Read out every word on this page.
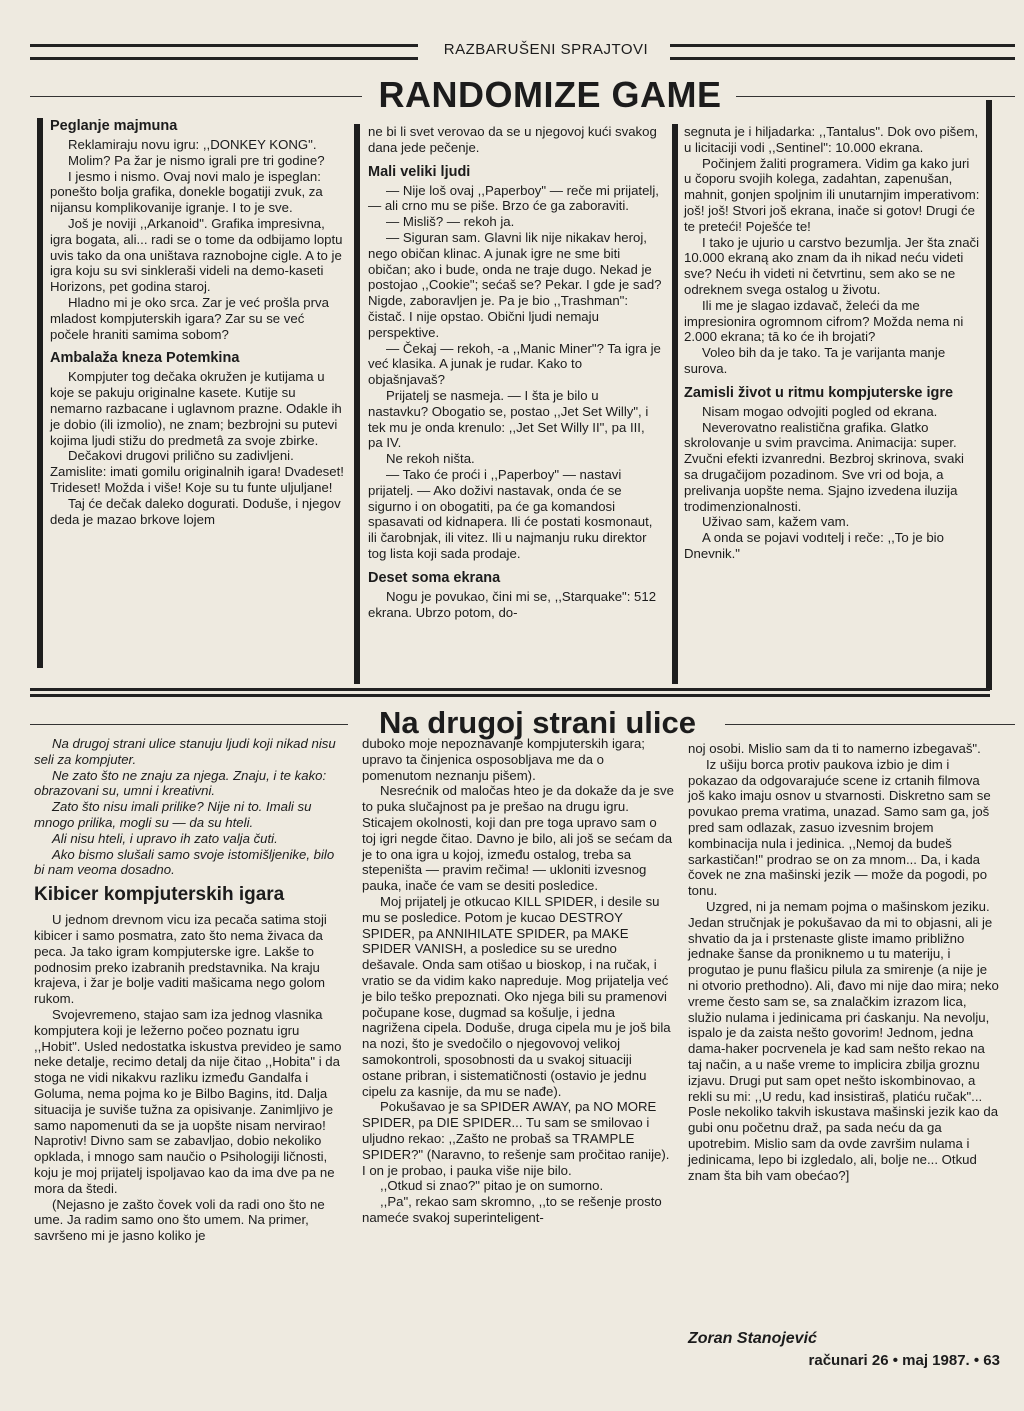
RAZBARUŠENI SPRAJTOVI
RANDOMIZE GAME
Peglanje majmuna

Reklamiraju novu igru: ,,DONKEY KONG".

Molim? Pa žar je nismo igrali pre tri godine?

I jesmo i nismo. Ovaj novi malo je ispeglan: ponešto bolja grafika, donekle bogatiji zvuk, za nijansu komplikovanije igranje. I to je sve.

Još je noviji ,,Arkanoid". Grafika impresivna, igra bogata, ali... radi se o tome da odbijamo loptu uvis tako da ona uništava raznobojne cigle. A to je igra koju su svi sinkleraši videli na demo-kaseti Horizons, pet godina staroj.

Hladno mi je oko srca. Zar je već prošla prva mladost kompjuterskih igara? Zar su se već počele hraniti samima sobom?

Ambalaža kneza Potemkina

Kompjuter tog dečaka okružen je kutijama u koje se pakuju originalne kasete. Kutije su nemarno razbacane i uglavnom prazne. Odakle ih je dobio (ili izmolio), ne znam; bezbrojni su putevi kojima ljudi stižu do predmetâ za svoje zbirke.

Dečakovi drugovi prilično su zadivljeni. Zamislite: imati gomilu originalnih igara! Dvadeset! Trideset! Možda i više! Koje su tu funte ulјuljane!

Taj će dečak daleko dogurati. Doduše, i njegov deda je mazao brkove lojem

ne bi li svet verovao da se u njegovoj kući svakog dana jede pečenje.

Mali veliki ljudi

— Nije loš ovaj ,,Paperboy" — reče mi prijatelj, — ali crno mu se piše. Brzo će ga zaboraviti.

— Misliš? — rekoh ja.

— Siguran sam. Glavni lik nije nikakav heroj, nego običan klinac. A junak igre ne sme biti običan; ako i bude, onda ne traje dugo. Nekad je postojao ,,Cookie"; sećaš se? Pekar. I gde je sad? Nigde, zaboravljen je. Pa je bio ,,Trashman": čistač. I nije opstao. Obični ljudi nemaju perspektive.

— Čekaj — rekoh, -a ,,Manic Miner"? Ta igra je već klasika. A junak je rudar. Kako to objašnjavaš?

Prijatelj se nasmeja. — I šta je bilo u nastavku? Obogatio se, postao ,,Jet Set Willy", i tek mu je onda krenulo: ,,Jet Set Willy II", pa III, pa IV.

Ne rekoh ništa.

— Tako će proći i ,,Paperboy" — nastavi prijatelj. — Ako doživi nastavak, onda će se sigurno i on obogatiti, pa će ga komandosi spasavati od kidnapera. Ili će postati kosmonaut, ili čarobnjak, ili vitez. Ili u najmanju ruku direktor tog lista koji sada prodaje.

Deset soma ekrana

Nogu je povukao, čini mi se, ,,Starquake": 512 ekrana. Ubrzo potom, do-

segnuta je i hiljadarka: ,,Tantalus". Dok ovo pišem, u licitaciji vodi ,,Sentinel": 10.000 ekrana.

Počinjem žaliti programera. Vidim ga kako juri u čoporu svojih kolega, zadahtan, zapenušan, mahnit, gonjen spoljnim ili unutarnjim imperativom: još! još! Stvori još ekrana, inače si gotov! Drugi će te preteći! Poješće te!

I tako je ujurio u carstvo bezumlja. Jer šta znači 10.000 ekraną ako znam da ih nikad neću videti sve? Neću ih videti ni četvrtinu, sem ako se ne odreknem svega ostalog u životu.

Ili me je slagao izdavač, želeći da me impresionira ogromnom cifrom? Možda nema ni 2.000 ekrana; tā ko će ih brojati?

Voleo bih da je tako. Ta je varijanta manje surova.

Zamisli život u ritmu kompjuterske igre

Nisam mogao odvojiti pogled od ekrana.

Neverovatno realistična grafika. Glatko skrolovanje u svim pravcima. Animacija: super. Zvučni efekti izvanredni. Bezbroj skrinova, svaki sa drugačijom pozadinom. Sve vri od boja, a prelivanja uopšte nema. Sjajno izvedena iluzija trodimenzionalnosti.

Uživao sam, kažem vam.

A onda se pojavi vodıtelj i reče: ,,To je bio Dnevnik."

Na drugoj strani ulice

Na drugoj strani ulice stanuju ljudi koji nikad nisu seli za kompjuter.

Ne zato što ne znaju za njega. Znaju, i te kako: obrazovani su, umni i kreativni.

Zato što nisu imali prilike? Nije ni to. Imali su mnogo prilika, mogli su — da su hteli.

Ali nisu hteli, i upravo ih zato valja čuti.

Ako bismo slušali samo svoje istomišljenike, bilo bi nam veoma dosadno.

Kibicer kompjuterskih igara

U jednom drevnom vicu iza pecača satima stoji kibicer i samo posmatra, zato što nema živaca da peca. Ja tako igram kompjuterske igre. Lakše to podnosim preko izabranih predstavnika. Na kraju krajeva, i žar je bolje vaditi mašicama nego golom rukom.

Svojevremeno, stajao sam iza jednog vlasnika kompjutera koji je ležerno počeo poznatu igru ,,Hobit". Usled nedostatka iskustva prevideo je samo neke detalje, recimo detalj da nije čitao ,,Hobita" i da stoga ne vidi nikakvu razliku između Gandalfa i Goluma, nema pojma ko je Bilbo Bagins, itd. Dalja situacija je suviše tužna za opisivanje. Zanimljivo je samo napomenuti da se ja uopšte nisam nervirao! Naprotiv! Divno sam se zabavljao, dobio nekoliko opklada, i mnogo sam naučio o Psihologiji ličnosti, koju je moj prijatelj ispoljavao kao da ima dve pa ne mora da štedi.

(Nejasno je zašto čovek voli da radi ono što ne ume. Ja radim samo ono što umem. Na primer, savršeno mi je jasno koliko je

duboko moje nepoznavanje kompjuterskih igara; upravo ta činjenica osposobljava me da o pomenutom neznanju pišem).

Nesrećnik od maločas hteo je da dokaže da je sve to puka slučajnost pa je prešao na drugu igru. Sticajem okolnosti, koji dan pre toga upravo sam o toj igri negde čitao. Davno je bilo, ali još se sećam da je to ona igra u kojoj, između ostalog, treba sa stepeništa — pravim rečima! — ukloniti izvesnog pauka, inače će vam se desiti posledice.

Moj prijatelj je otkucao KILL SPIDER, i desile su mu se posledice. Potom je kucao DESTROY SPIDER, pa ANNIHILATE SPIDER, pa MAKE SPIDER VANISH, a posledice su se uredno dešavale. Onda sam otišao u bioskop, i na ručak, i vratio se da vidim kako napreduje. Mog prijatelja već je bilo teško prepoznati. Oko njega bili su pramenovi počupane kose, dugmad sa košulje, i jedna nagrižena cipela. Doduše, druga cipela mu je još bila na nozi, što je svedočilo o njegovovoj velikoj samokontroli, sposobnosti da u svakoj situaciji ostane pribran, i sistematičnosti (ostavio je jednu cipelu za kasnije, da mu se nađe).

Pokušavao je sa SPIDER AWAY, pa NO MORE SPIDER, pa DIE SPIDER... Tu sam se smilovao i uljudno rekao: ,,Zašto ne probaš sa TRAMPLE SPIDER?" (Naravno, to rešenje sam pročitao ranije). I on je probao, i pauka više nije bilo.

,,Otkud si znao?" pitao je on sumorno.

,,Pa", rekao sam skromno, ,,to se rešenje prosto nameće svakoj superinteligent-

noj osobi. Mislio sam da ti to namerno izbegavaš".

Iz ušiju borca protiv paukova izbio je dim i pokazao da odgovarajuće scene iz crtanih filmova još kako imaju osnov u stvarnosti. Diskretno sam se povukao prema vratima, unazad. Samo sam ga, još pred sam odlazak, zasuo izvesnim brojem kombinacija nula i jedinica. ,,Nemoj da budeš sarkastičan!" prodrao se on za mnom... Da, i kada čovek ne zna mašinski jezik — može da pogodi, po tonu.

Uzgred, ni ja nemam pojma o mašinskom jeziku. Jedan stručnjak je pokušavao da mi to objasni, ali je shvatio da ja i prstenaste gliste imamo približno jednake šanse da proniknemo u tu materiju, i progutao je punu flašicu pilula za smirenje (a nije je ni otvorio prethodno). Ali, đavo mi nije dao mira; neko vreme često sam se, sa znalačkim izrazom lica, služio nulama i jedinicama pri ćaskanju. Na nevolju, ispalo je da zaista nešto govorim! Jednom, jedna dama-haker pocrvenela je kad sam nešto rekao na taj način, a u naše vreme to implicira zbilja groznu izjavu. Drugi put sam opet nešto iskombinovao, a rekli su mi: ,,U redu, kad insistiraš, platiću ručak"... Posle nekoliko takvih iskustava mašinski jezik kao da gubi onu početnu draž, pa sada neću da ga upotrebim. Mislio sam da ovde završim nulama i jedinicama, lepo bi izgledalo, ali, bolje ne... Otkud znam šta bih vam obećao?]

Zoran Stanojević
računari 26 • maj 1987. • 63
